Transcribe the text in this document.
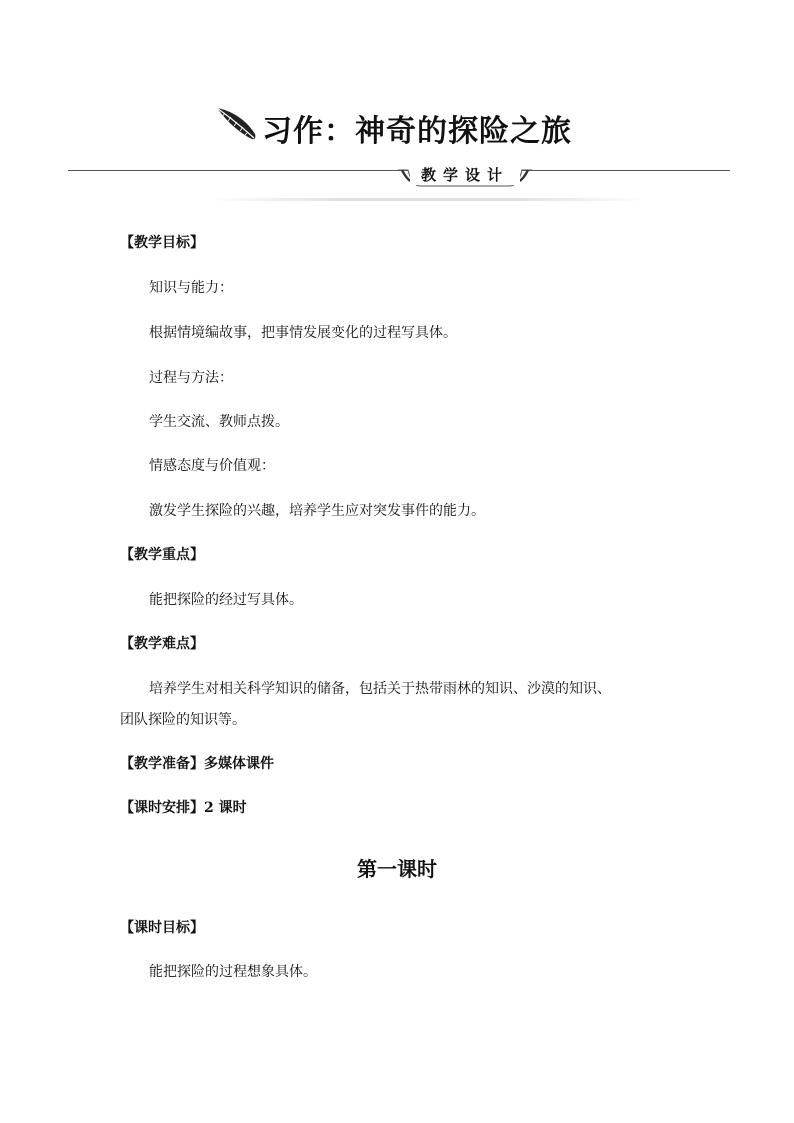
习作：神奇的探险之旅
教学设计
【教学目标】
知识与能力：
根据情境编故事，把事情发展变化的过程写具体。
过程与方法：
学生交流、教师点拨。
情感态度与价值观：
激发学生探险的兴趣，培养学生应对突发事件的能力。
【教学重点】
能把探险的经过写具体。
【教学难点】
培养学生对相关科学知识的储备，包括关于热带雨林的知识、沙漠的知识、
团队探险的知识等。
【教学准备】多媒体课件
【课时安排】2 课时
第一课时
【课时目标】
能把探险的过程想象具体。
